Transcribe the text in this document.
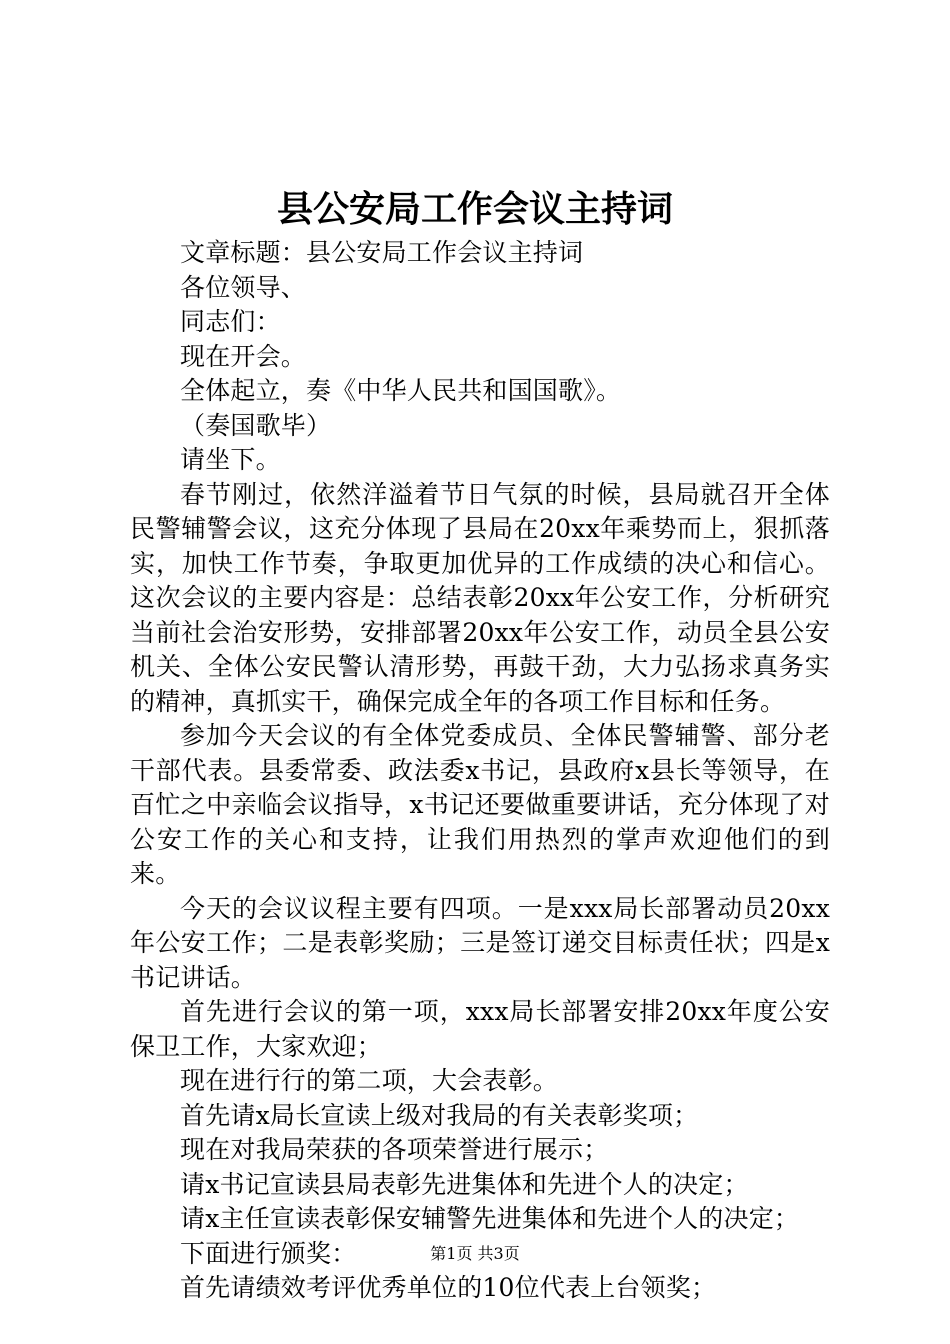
县公安局工作会议主持词

文章标题：县公安局工作会议主持词

各位领导、

同志们：

现在开会。

全体起立，奏《中华人民共和国国歌》。

（奏国歌毕）

请坐下。

春节刚过，依然洋溢着节日气氛的时候，县局就召开全体民警辅警会议，这充分体现了县局在20xx年乘势而上，狠抓落实，加快工作节奏，争取更加优异的工作成绩的决心和信心。这次会议的主要内容是：总结表彰20xx年公安工作，分析研究当前社会治安形势，安排部署20xx年公安工作，动员全县公安机关、全体公安民警认清形势，再鼓干劲，大力弘扬求真务实的精神，真抓实干，确保完成全年的各项工作目标和任务。

参加今天会议的有全体党委成员、全体民警辅警、部分老干部代表。县委常委、政法委x书记，县政府x县长等领导，在百忙之中亲临会议指导，x书记还要做重要讲话，充分体现了对公安工作的关心和支持，让我们用热烈的掌声欢迎他们的到来。

今天的会议议程主要有四项。一是xxx局长部署动员20xx年公安工作；二是表彰奖励；三是签订递交目标责任状；四是x书记讲话。

首先进行会议的第一项，xxx局长部署安排20xx年度公安保卫工作，大家欢迎；

现在进行行的第二项，大会表彰。

首先请x局长宣读上级对我局的有关表彰奖项；

现在对我局荣获的各项荣誉进行展示；

请x书记宣读县局表彰先进集体和先进个人的决定；

请x主任宣读表彰保安辅警先进集体和先进个人的决定；

下面进行颁奖：

首先请绩效考评优秀单位的10位代表上台领奖；

第1页 共3页
